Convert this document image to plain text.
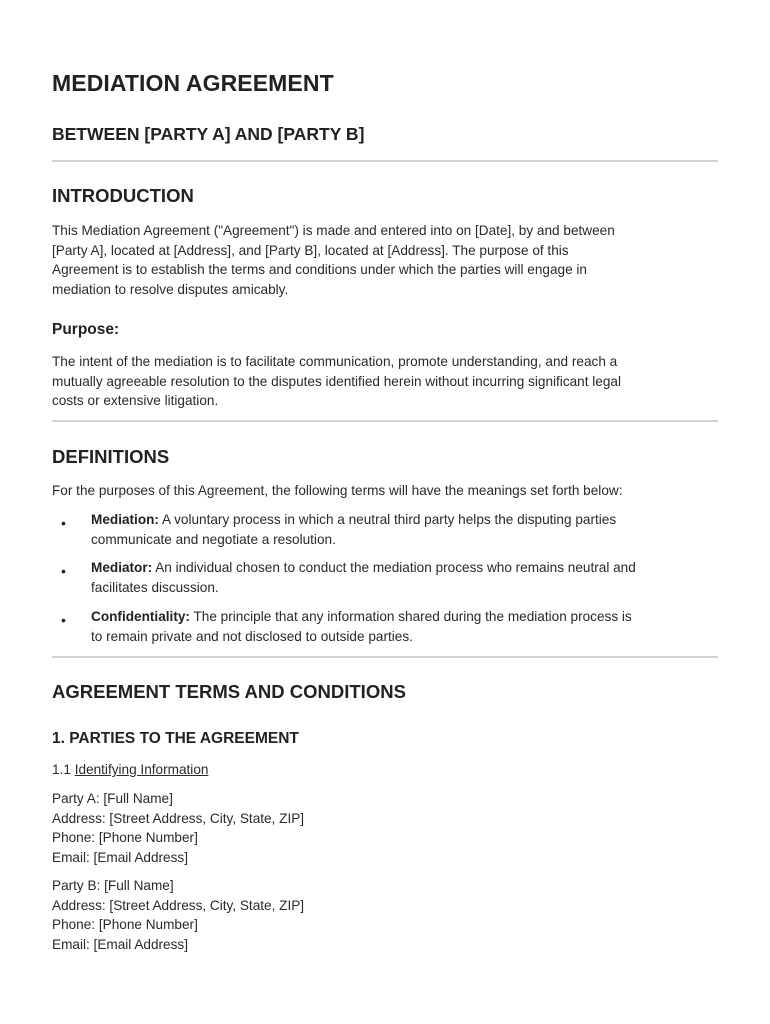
MEDIATION AGREEMENT
BETWEEN [PARTY A] AND [PARTY B]
INTRODUCTION
This Mediation Agreement ("Agreement") is made and entered into on [Date], by and between
[Party A], located at [Address], and [Party B], located at [Address]. The purpose of this
Agreement is to establish the terms and conditions under which the parties will engage in
mediation to resolve disputes amicably.
Purpose:
The intent of the mediation is to facilitate communication, promote understanding, and reach a
mutually agreeable resolution to the disputes identified herein without incurring significant legal
costs or extensive litigation.
DEFINITIONS

For the purposes of this Agreement, the following terms will have the meanings set forth below:

• Mediation: A voluntary process in which a neutral third party helps the disputing parties
communicate and negotiate a resolution.
• Mediator: An individual chosen to conduct the mediation process who remains neutral and
facilitates discussion.
• Confidentiality: The principle that any information shared during the mediation process is
to remain private and not disclosed to outside parties.
AGREEMENT TERMS AND CONDITIONS
1. PARTIES TO THE AGREEMENT

1.1 Identifying Information

Party A: [Full Name]
Address: [Street Address, City, State, ZIP]
Phone: [Phone Number]
Email: [Email Address]
Party B: [Full Name]
Address: [Street Address, City, State, ZIP]
Phone: [Phone Number]
Email: [Email Address]
